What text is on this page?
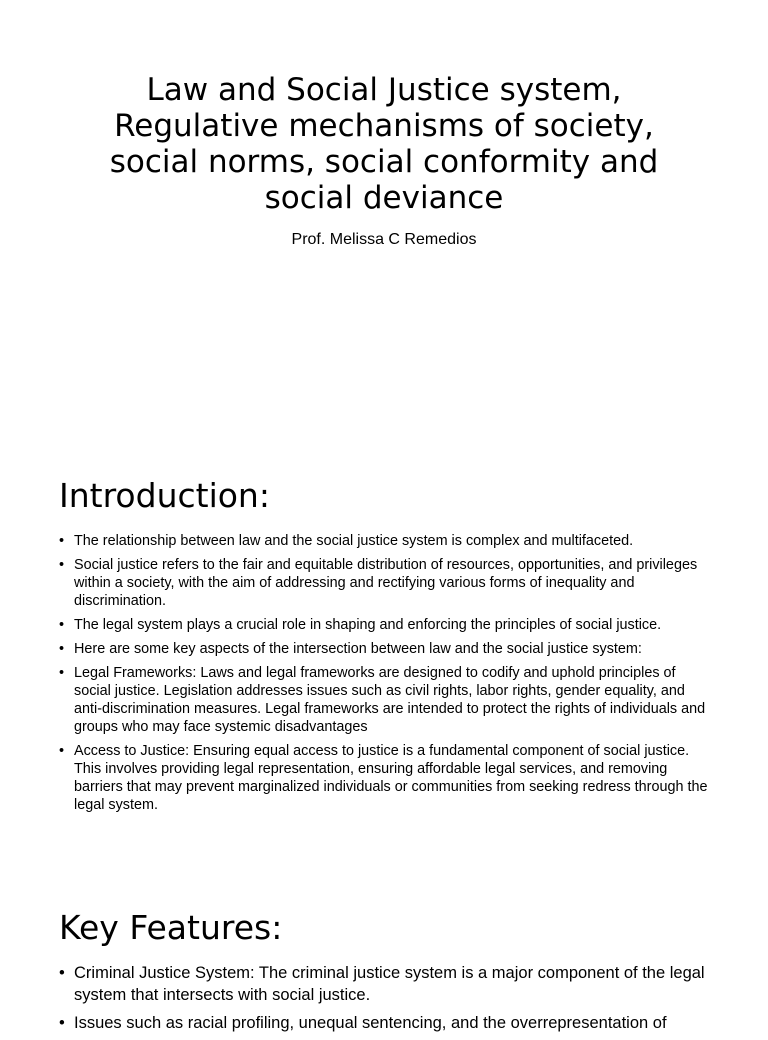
Law and Social Justice system, Regulative mechanisms of society, social norms, social conformity and social deviance

Prof. Melissa C Remedios

Introduction:
• The relationship between law and the social justice system is complex and multifaceted.
• Social justice refers to the fair and equitable distribution of resources, opportunities, and privileges within a society, with the aim of addressing and rectifying various forms of inequality and discrimination.
• The legal system plays a crucial role in shaping and enforcing the principles of social justice.
• Here are some key aspects of the intersection between law and the social justice system:
• Legal Frameworks: Laws and legal frameworks are designed to codify and uphold principles of social justice. Legislation addresses issues such as civil rights, labor rights, gender equality, and anti-discrimination measures. Legal frameworks are intended to protect the rights of individuals and groups who may face systemic disadvantages
• Access to Justice: Ensuring equal access to justice is a fundamental component of social justice. This involves providing legal representation, ensuring affordable legal services, and removing barriers that may prevent marginalized individuals or communities from seeking redress through the legal system.
Key Features:
• Criminal Justice System: The criminal justice system is a major component of the legal system that intersects with social justice.
• Issues such as racial profiling, unequal sentencing, and the overrepresentation of
